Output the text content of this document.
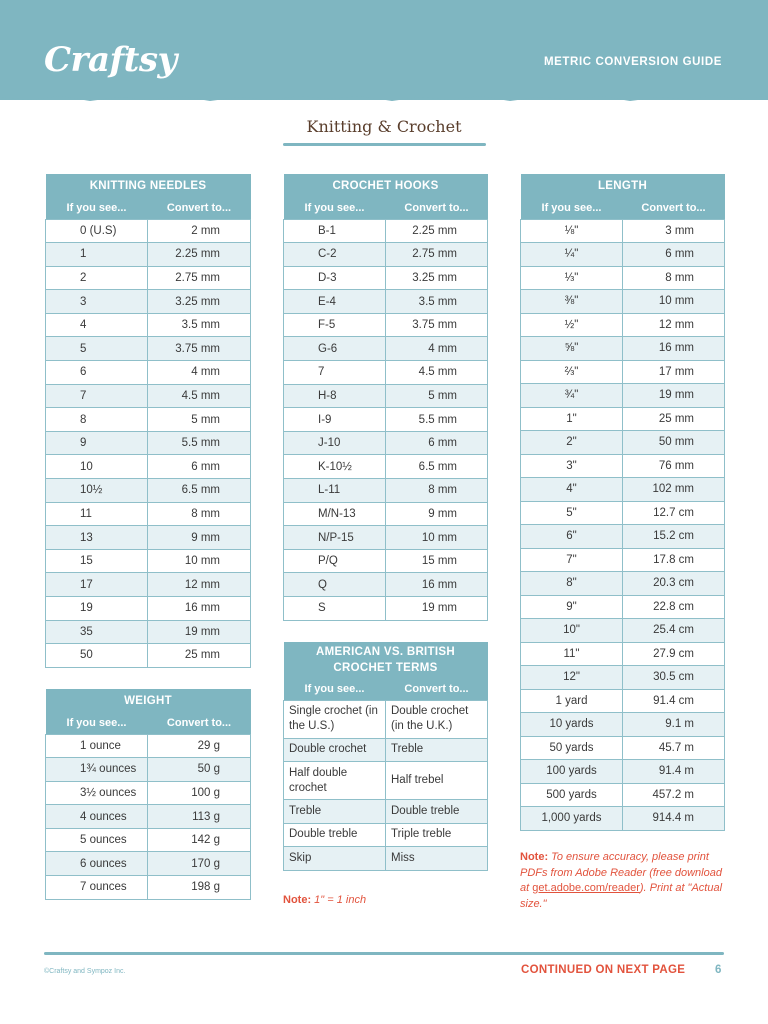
Craftsy	METRIC CONVERSION GUIDE
Knitting & Crochet
KNITTING NEEDLES	
If you see...	Convert to...
0 (U.S)	2 mm
1	2.25 mm
2	2.75 mm
3	3.25 mm
4	3.5 mm
5	3.75 mm
6	4 mm
7	4.5 mm
8	5 mm
9	5.5 mm
10	6 mm
10½	6.5 mm
11	8 mm
13	9 mm
15	10 mm
17	12 mm
19	16 mm
35	19 mm
50	25 mm
WEIGHT	
If you see...	Convert to...
1 ounce	29 g
1¾ ounces	50 g
3½ ounces	100 g
4 ounces	113 g
5 ounces	142 g
6 ounces	170 g
7 ounces	198 g
CROCHET HOOKS	
If you see...	Convert to...
B-1	2.25 mm
C-2	2.75 mm
D-3	3.25 mm
E-4	3.5 mm
F-5	3.75 mm
G-6	4 mm
7	4.5 mm
H-8	5 mm
I-9	5.5 mm
J-10	6 mm
K-10½	6.5 mm
L-11	8 mm
M/N-13	9 mm
N/P-15	10 mm
P/Q	15 mm
Q	16 mm
S	19 mm
AMERICAN VS. BRITISH CROCHET TERMS	
If you see...	Convert to...
Single crochet (in the U.S.)	Double crochet (in the U.K.)
Double crochet	Treble
Half double crochet	Half trebel
Treble	Double treble
Double treble	Triple treble
Skip	Miss
LENGTH	
If you see...	Convert to...
⅛"	3 mm
¼"	6 mm
⅓"	8 mm
⅜"	10 mm
½"	12 mm
⅝"	16 mm
⅔"	17 mm
¾"	19 mm
1"	25 mm
2"	50 mm
3"	76 mm
4"	102 mm
5"	12.7 cm
6"	15.2 cm
7"	17.8 cm
8"	20.3 cm
9"	22.8 cm
10"	25.4 cm
11"	27.9 cm
12"	30.5 cm
1 yard	91.4 cm
10 yards	9.1 m
50 yards	45.7 m
100 yards	91.4 m
500 yards	457.2 m
1,000 yards	914.4 m
Note: 1" = 1 inch
Note: To ensure accuracy, please print PDFs from Adobe Reader (free download at get.adobe.com/reader). Print at "Actual size."
©Craftsy and Sympoz Inc.	CONTINUED ON NEXT PAGE	6
